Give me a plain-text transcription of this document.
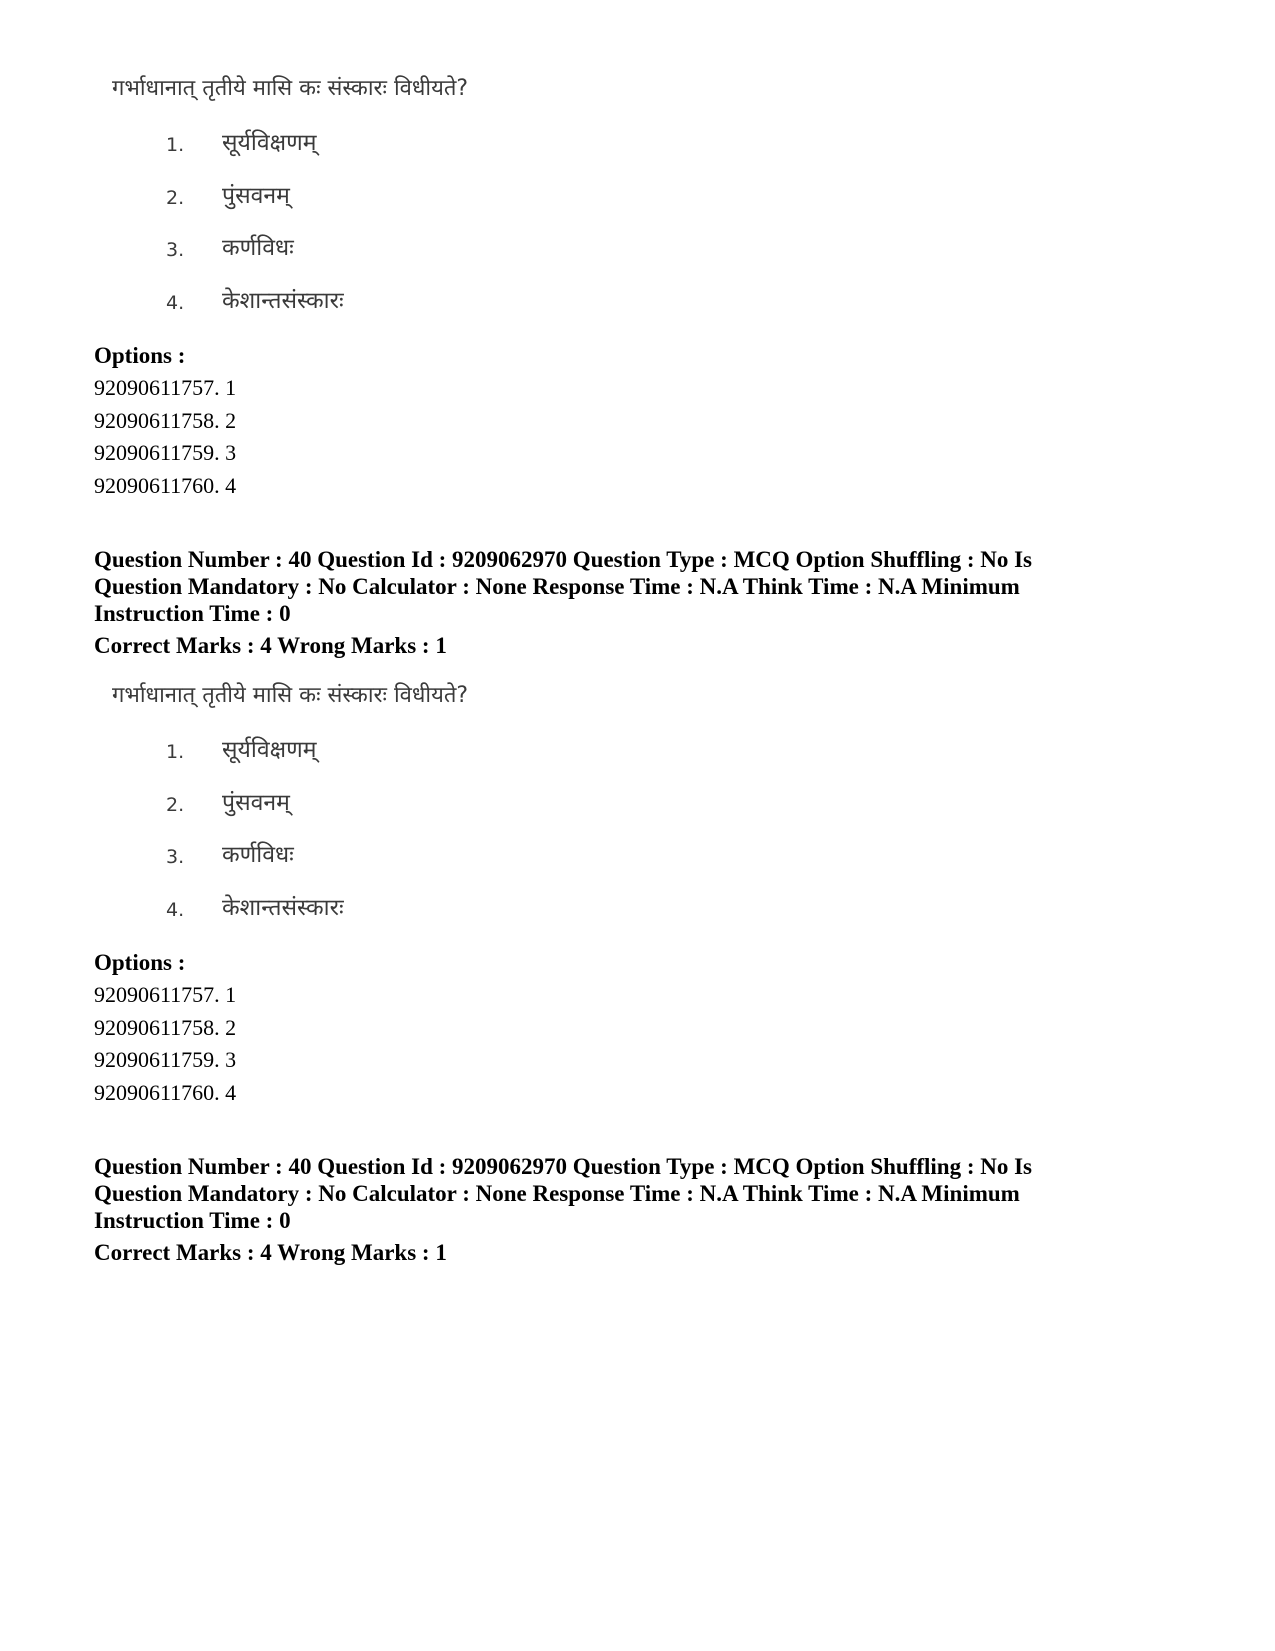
गर्भाधानात् तृतीये मासि कः संस्कारः विधीयते?
1. सूर्यविक्षणम्
2. पुंसवनम्
3. कर्णविधः
4. केशान्तसंस्कारः

Options :

92090611757. 1

92090611758. 2

92090611759. 3

92090611760. 4

Question Number : 40 Question Id : 9209062970 Question Type : MCQ Option Shuffling : No Is

Question Mandatory : No Calculator : None Response Time : N.A Think Time : N.A Minimum

Instruction Time : 0

Correct Marks : 4 Wrong Marks : 1

गर्भाधानात् तृतीये मासि कः संस्कारः विधीयते?
1. सूर्यविक्षणम्
2. पुंसवनम्
3. कर्णविधः
4. केशान्तसंस्कारः

Options :

92090611757. 1

92090611758. 2

92090611759. 3

92090611760. 4

Question Number : 40 Question Id : 9209062970 Question Type : MCQ Option Shuffling : No Is

Question Mandatory : No Calculator : None Response Time : N.A Think Time : N.A Minimum

Instruction Time : 0

Correct Marks : 4 Wrong Marks : 1
